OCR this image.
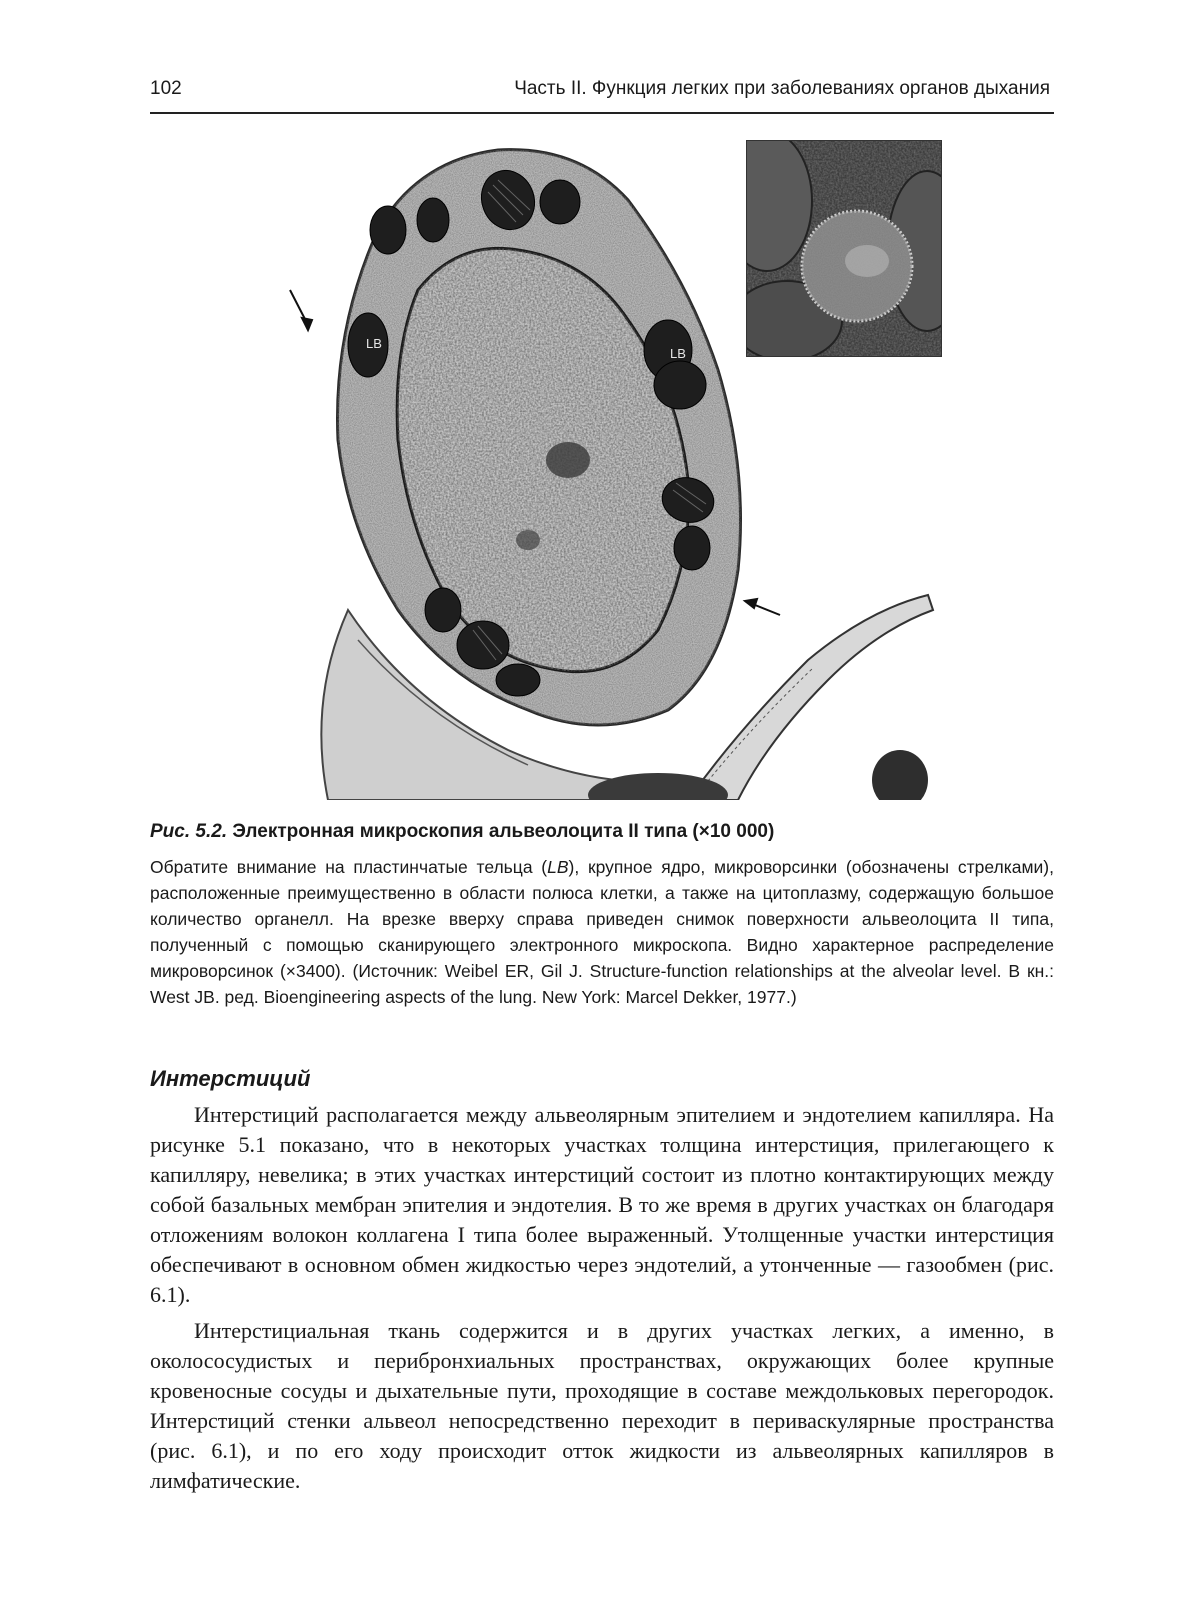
102	Часть II. Функция легких при заболеваниях органов дыхания
LB
LB

Рис. 5.2. Электронная микроскопия альвеолоцита II типа (×10 000)

Обратите внимание на пластинчатые тельца (LB), крупное ядро, микроворсинки (обозначены стрелками), расположенные преимущественно в области полюса клетки, а также на цитоплазму, содержащую большое количество органелл. На врезке вверху справа приведен снимок поверхности альвеолоцита II типа, полученный с помощью сканирующего электронного микроскопа. Видно характерное распределение микроворсинок (×3400). (Источник: Weibel ER, Gil J. Structure-function relationships at the alveolar level. В кн.: West JB. ред. Bioengineering aspects of the lung. New York: Marcel Dekker, 1977.)

Интерстиций

Интерстиций располагается между альвеолярным эпителием и эндотелием капилляра. На рисунке 5.1 показано, что в некоторых участках толщина интерстиция, прилегающего к капилляру, невелика; в этих участках интерстиций состоит из плотно контактирующих между собой базальных мембран эпителия и эндотелия. В то же время в других участках он благодаря отложениям волокон коллагена I типа более выраженный. Утолщенные участки интерстиция обеспечивают в основном обмен жидкостью через эндотелий, а утонченные — газообмен (рис. 6.1).

Интерстициальная ткань содержится и в других участках легких, а именно, в околососудистых и перибронхиальных пространствах, окружающих более крупные кровеносные сосуды и дыхательные пути, проходящие в составе междольковых перегородок. Интерстиций стенки альвеол непосредственно переходит в периваскулярные пространства (рис. 6.1), и по его ходу происходит отток жидкости из альвеолярных капилляров в лимфатические.
